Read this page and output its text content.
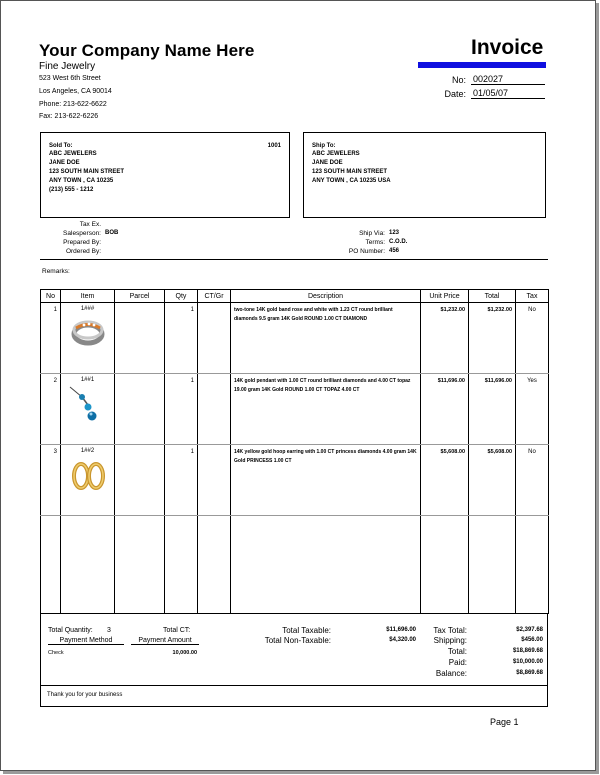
Your Company Name Here
Fine Jewelry
523 West 6th Street
Los Angeles, CA 90014
Phone: 213-622-6622
Fax: 213-622-6226
Invoice
No: 002027
Date: 01/05/07
Sold To:	1001
ABC JEWELERS
JANE DOE
123 SOUTH MAIN STREET
ANY TOWN , CA 10235
(213) 555 - 1212
Ship To:
ABC JEWELERS
JANE DOE
123 SOUTH MAIN STREET
ANY TOWN , CA 10235 USA
Tax Ex.
Salesperson: BOB
Prepared By:
Ordered By:
Ship Via: 123
Terms: C.O.D.
PO Number: 456
Remarks:
No	Item	Parcel	Qty	CT/Gr	Description	Unit Price	Total	Tax
1	1###		1		two-tone 14K gold band rose and white with 1.23 CT round brilliant diamonds 9.5 gram 14K Gold ROUND 1.00 CT DIAMOND	$1,232.00	$1,232.00	No
2	1##1		1		14K gold pendant with 1.00 CT round brilliant diamonds and 4.00 CT topaz 19.00 gram 14K Gold ROUND 1.00 CT TOPAZ 4.00 CT	$11,696.00	$11,696.00	Yes
3	1##2		1		14K yellow gold hoop earring with 1.00 CT princess diamonds 4.00 gram 14K Gold PRINCESS 1.00 CT	$5,608.00	$5,608.00	No

Total Quantity: 3	Total CT:
Payment Method	Payment Amount
Check	10,000.00
Total Taxable:	$11,696.00
Total Non-Taxable:	$4,320.00
Tax Total:	$2,397.68
Shipping:	$456.00
Total:	$18,869.68
Paid:	$10,000.00
Balance:	$8,869.68
Thank you for your business
Page 1
